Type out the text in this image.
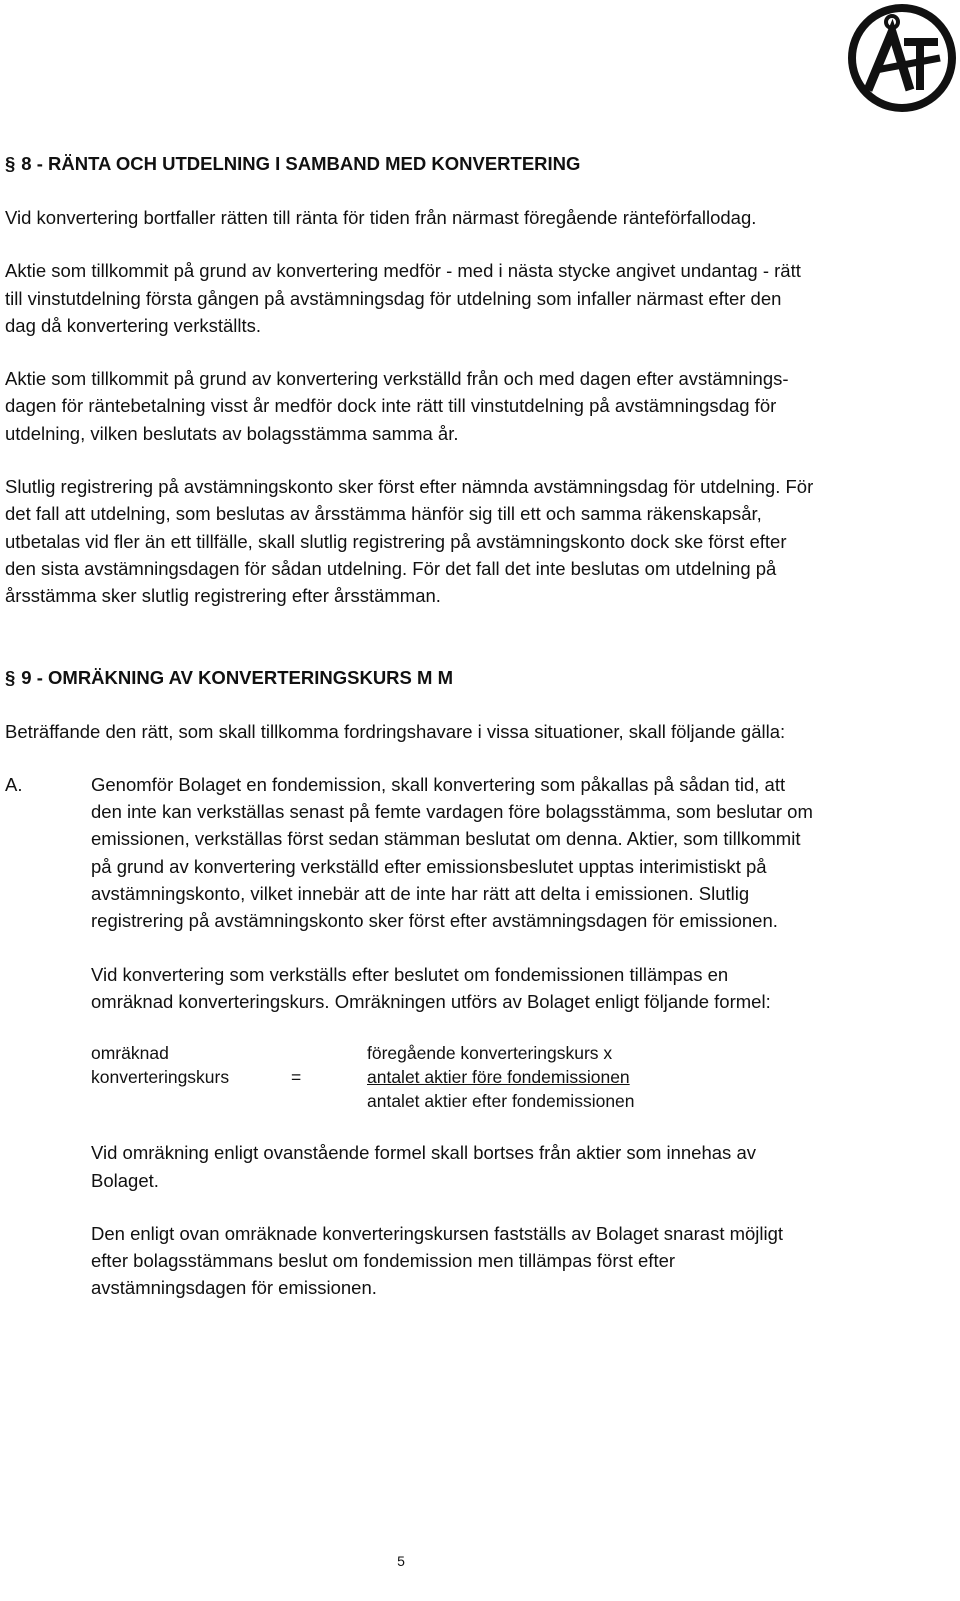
§ 8 - RÄNTA OCH UTDELNING I SAMBAND MED KONVERTERING

Vid konvertering bortfaller rätten till ränta för tiden från närmast föregående ränteförfallodag.

Aktie som tillkommit på grund av konvertering medför - med i nästa stycke angivet undantag - rätt till vinstutdelning första gången på avstämningsdag för utdelning som infaller närmast efter den dag då konvertering verkställts.

Aktie som tillkommit på grund av konvertering verkställd från och med dagen efter avstämnings-dagen för räntebetalning visst år medför dock inte rätt till vinstutdelning på avstämningsdag för utdelning, vilken beslutats av bolagsstämma samma år.

Slutlig registrering på avstämningskonto sker först efter nämnda avstämningsdag för utdelning. För det fall att utdelning, som beslutas av årsstämma hänför sig till ett och samma räkenskapsår, utbetalas vid fler än ett tillfälle, skall slutlig registrering på avstämningskonto dock ske först efter den sista avstämningsdagen för sådan utdelning. För det fall det inte beslutas om utdelning på årsstämma sker slutlig registrering efter årsstämman.

§ 9 - OMRÄKNING AV KONVERTERINGSKURS M M

Beträffande den rätt, som skall tillkomma fordringshavare i vissa situationer, skall följande gälla:

A.	Genomför Bolaget en fondemission, skall konvertering som påkallas på sådan tid, att den inte kan verkställas senast på femte vardagen före bolagsstämma, som beslutar om emissionen, verkställas först sedan stämman beslutat om denna. Aktier, som tillkommit på grund av konvertering verkställd efter emissionsbeslutet upptas interimistiskt på avstämningskonto, vilket innebär att de inte har rätt att delta i emissionen. Slutlig registrering på avstämningskonto sker först efter avstämningsdagen för emissionen.

Vid konvertering som verkställs efter beslutet om fondemissionen tillämpas en omräknad konverteringskurs. Omräkningen utförs av Bolaget enligt följande formel:

omräknad
konverteringskurs	=
föregående konverteringskurs x
antalet aktier före fondemissionen
antalet aktier efter fondemissionen

Vid omräkning enligt ovanstående formel skall bortses från aktier som innehas av Bolaget.

Den enligt ovan omräknade konverteringskursen fastställs av Bolaget snarast möjligt efter bolagsstämmans beslut om fondemission men tillämpas först efter avstämningsdagen för emissionen.

5
